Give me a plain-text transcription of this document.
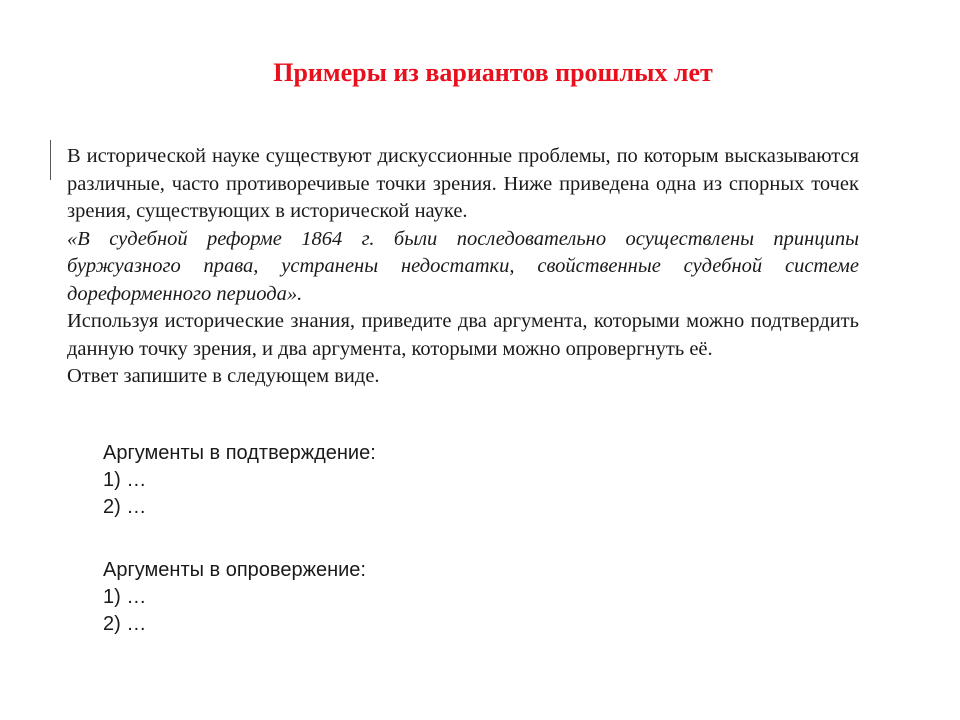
Примеры из вариантов прошлых лет

В исторической науке существуют дискуссионные проблемы, по которым высказываются различные, часто противоречивые точки зрения. Ниже приведена одна из спорных точек зрения, существующих в исторической науке.

«В судебной реформе 1864 г. были последовательно осуществлены принципы буржуазного права, устранены недостатки, свойственные судебной системе дореформенного периода».

Используя исторические знания, приведите два аргумента, которыми можно подтвердить данную точку зрения, и два аргумента, которыми можно опровергнуть её.

Ответ запишите в следующем виде.

Аргументы в подтверждение:
1) …
2) …
Аргументы в опровержение:
1) …
2) …
